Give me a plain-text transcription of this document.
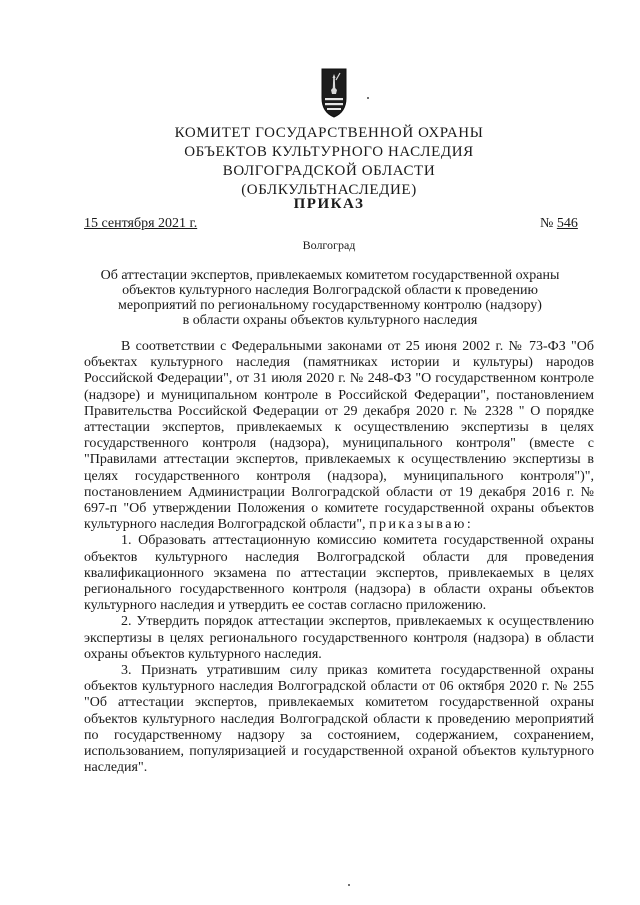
КОМИТЕТ ГОСУДАРСТВЕННОЙ ОХРАНЫ
ОБЪЕКТОВ КУЛЬТУРНОГО НАСЛЕДИЯ
ВОЛГОГРАДСКОЙ ОБЛАСТИ
(ОБЛКУЛЬТНАСЛЕДИЕ)
ПРИКАЗ
15 сентября 2021 г.	№ 546
Волгоград
Об аттестации экспертов, привлекаемых комитетом государственной охраны
объектов культурного наследия Волгоградской области к проведению
мероприятий по региональному государственному контролю (надзору)
в области охраны объектов культурного наследия

В соответствии с Федеральными законами от 25 июня 2002 г. № 73-ФЗ "Об объектах культурного наследия (памятниках истории и культуры) народов Российской Федерации", от 31 июля 2020 г. № 248-ФЗ "О государственном контроле (надзоре) и муниципальном контроле в Российской Федерации", постановлением Правительства Российской Федерации от 29 декабря 2020 г. № 2328 " О порядке аттестации экспертов, привлекаемых к осуществлению экспертизы в целях государственного контроля (надзора), муниципального контроля" (вместе с "Правилами аттестации экспертов, привлекаемых к осуществлению экспертизы в целях государственного контроля (надзора), муниципального контроля")", постановлением Администрации Волгоградской области от 19 декабря 2016 г. № 697-п "Об утверждении Положения о комитете государственной охраны объектов культурного наследия Волгоградской области", приказываю:

1. Образовать аттестационную комиссию комитета государственной охраны объектов культурного наследия Волгоградской области для проведения квалификационного экзамена по аттестации экспертов, привлекаемых в целях регионального государственного контроля (надзора) в области охраны объектов культурного наследия и утвердить ее состав согласно приложению.

2. Утвердить порядок аттестации экспертов, привлекаемых к осуществлению экспертизы в целях регионального государственного контроля (надзора) в области охраны объектов культурного наследия.

3. Признать утратившим силу приказ комитета государственной охраны объектов культурного наследия Волгоградской области от 06 октября 2020 г. № 255 "Об аттестации экспертов, привлекаемых комитетом государственной охраны объектов культурного наследия Волгоградской области к проведению мероприятий по государственному надзору за состоянием, содержанием, сохранением, использованием, популяризацией и государственной охраной объектов культурного наследия".
